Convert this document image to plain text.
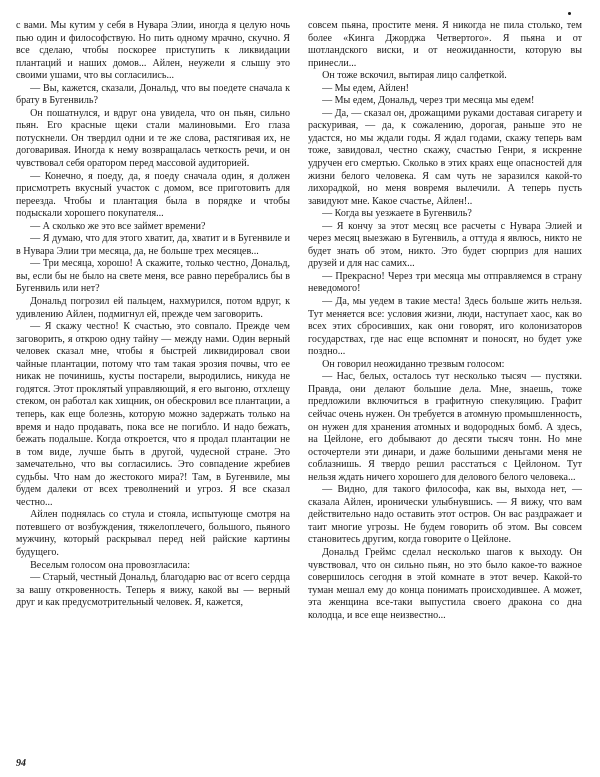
с вами. Мы кутим у себя в Нувара Элии, иногда я целую ночь пью один и философствую. Но пить одному мрачно, скучно. Я все сделаю, чтобы поскорее приступить к ликвидации плантаций и наших домов... Айлен, неужели я слышу это своими ушами, что вы согласились...

— Вы, кажется, сказали, Дональд, что вы поедете сначала к брату в Бугенвиль?

Он пошатнулся, и вдруг она увидела, что он пьян, сильно пьян. Его красные щеки стали малиновыми. Его глаза потускнели. Он твердил одни и те же слова, растягивая их, не договаривая. Иногда к нему возвращалась четкость речи, и он чувствовал себя оратором перед массовой аудиторией.

— Конечно, я поеду, да, я поеду сначала один, я должен присмотреть вкусный участок с домом, все приготовить для переезда. Чтобы и плантация была в порядке и чтобы подыскали хорошего покупателя...

— А сколько же это все займет времени?

— Я думаю, что для этого хватит, да, хватит и в Бугенвиле и в Нувара Элии три месяца, да, не больше трех месяцев...

— Три месяца, хорошо! А скажите, только честно, Дональд, вы, если бы не было на свете меня, все равно перебрались бы в Бугенвиль или нет?

Дональд погрозил ей пальцем, нахмурился, потом вдруг, к удивлению Айлен, подмигнул ей, прежде чем заговорить.

— Я скажу честно! К счастью, это совпало. Прежде чем заговорить, я открою одну тайну — между нами. Один верный человек сказал мне, чтобы я быстрей ликвидировал свои чайные плантации, потому что там такая эрозия почвы, что ее никак не починишь, кусты постарели, выродились, никуда не годятся. Этот проклятый управляющий, я его выгоню, отхлещу стеком, он работал как хищник, он обескровил все плантации, а теперь, как еще болезнь, которую можно задержать только на время и надо продавать, пока все не погибло. И надо бежать, бежать подальше. Когда откроется, что я продал плантации не в том виде, лучше быть в другой, чудесной стране. Это замечательно, что вы согласились. Это совпадение жребиев судьбы. Что нам до жестокого мира?! Там, в Бугенвиле, мы будем далеки от всех треволнений и угроз. Я все сказал честно...

Айлен поднялась со стула и стояла, испытующе смотря на потевшего от возбуждения, тяжелоплечего, большого, пьяного мужчину, который раскрывал перед ней райские картины будущего.

Веселым голосом она провозгласила:

— Старый, честный Дональд, благодарю вас от всего сердца за вашу откровенность. Теперь я вижу, какой вы — верный друг и как предусмотрительный человек. Я, кажется,

совсем пьяна, простите меня. Я никогда не пила столько, тем более «Кинга Джорджа Четвертого». Я пьяна и от шотландского виски, и от неожиданности, которую вы принесли...

Он тоже вскочил, вытирая лицо салфеткой.

— Мы едем, Айлен!

— Мы едем, Дональд, через три месяца мы едем!

— Да, — сказал он, дрожащими руками доставая сигарету и раскуривая, — да, к сожалению, дорогая, раньше это не удастся, но мы ждали годы. Я ждал годами, скажу теперь вам тоже, завидовал, честно скажу, счастью Генри, я искренне удручен его смертью. Сколько в этих краях еще опасностей для жизни белого человека. Я сам чуть не заразился какой-то лихорадкой, но меня вовремя вылечили. А теперь пусть завидуют мне. Какое счастье, Айлен!..

— Когда вы уезжаете в Бугенвиль?

— Я кончу за этот месяц все расчеты с Нувара Элией и через месяц выезжаю в Бугенвиль, а оттуда я явлюсь, никто не будет знать об этом, никто. Это будет сюрприз для наших друзей и для нас самих...

— Прекрасно! Через три месяца мы отправляемся в страну неведомого!

— Да, мы уедем в такие места! Здесь больше жить нельзя. Тут меняется все: условия жизни, люди, наступает хаос, как во всех этих сбросивших, как они говорят, иго колонизаторов государствах, где нас еще вспомнят и поносят, но будет уже поздно...

Он говорил неожиданно трезвым голосом:

— Нас, белых, осталось тут несколько тысяч — пустяки. Правда, они делают большие дела. Мне, знаешь, тоже предложили включиться в графитную спекуляцию. Графит сейчас очень нужен. Он требуется в атомную промышленность, он нужен для хранения атомных и водородных бомб. А здесь, на Цейлоне, его добывают до десяти тысяч тонн. Но мне осточертели эти динари, и даже большими деньгами меня не соблазнишь. Я твердо решил расстаться с Цейлоном. Тут нельзя ждать ничего хорошего для делового белого человека...

— Видно, для такого философа, как вы, выхода нет, — сказала Айлен, иронически улыбнувшись. — Я вижу, что вам действительно надо оставить этот остров. Он вас раздражает и таит многие угрозы. Не будем говорить об этом. Вы совсем становитесь другим, когда говорите о Цейлоне.

Дональд Греймс сделал несколько шагов к выходу. Он чувствовал, что он сильно пьян, но это было какое-то важное совершилось сегодня в этой комнате в этот вечер. Какой-то туман мешал ему до конца понимать происходившее. А может, эта женщина все-таки выпустила своего дракона со дна колодца, и все еще неизвестно...

94
